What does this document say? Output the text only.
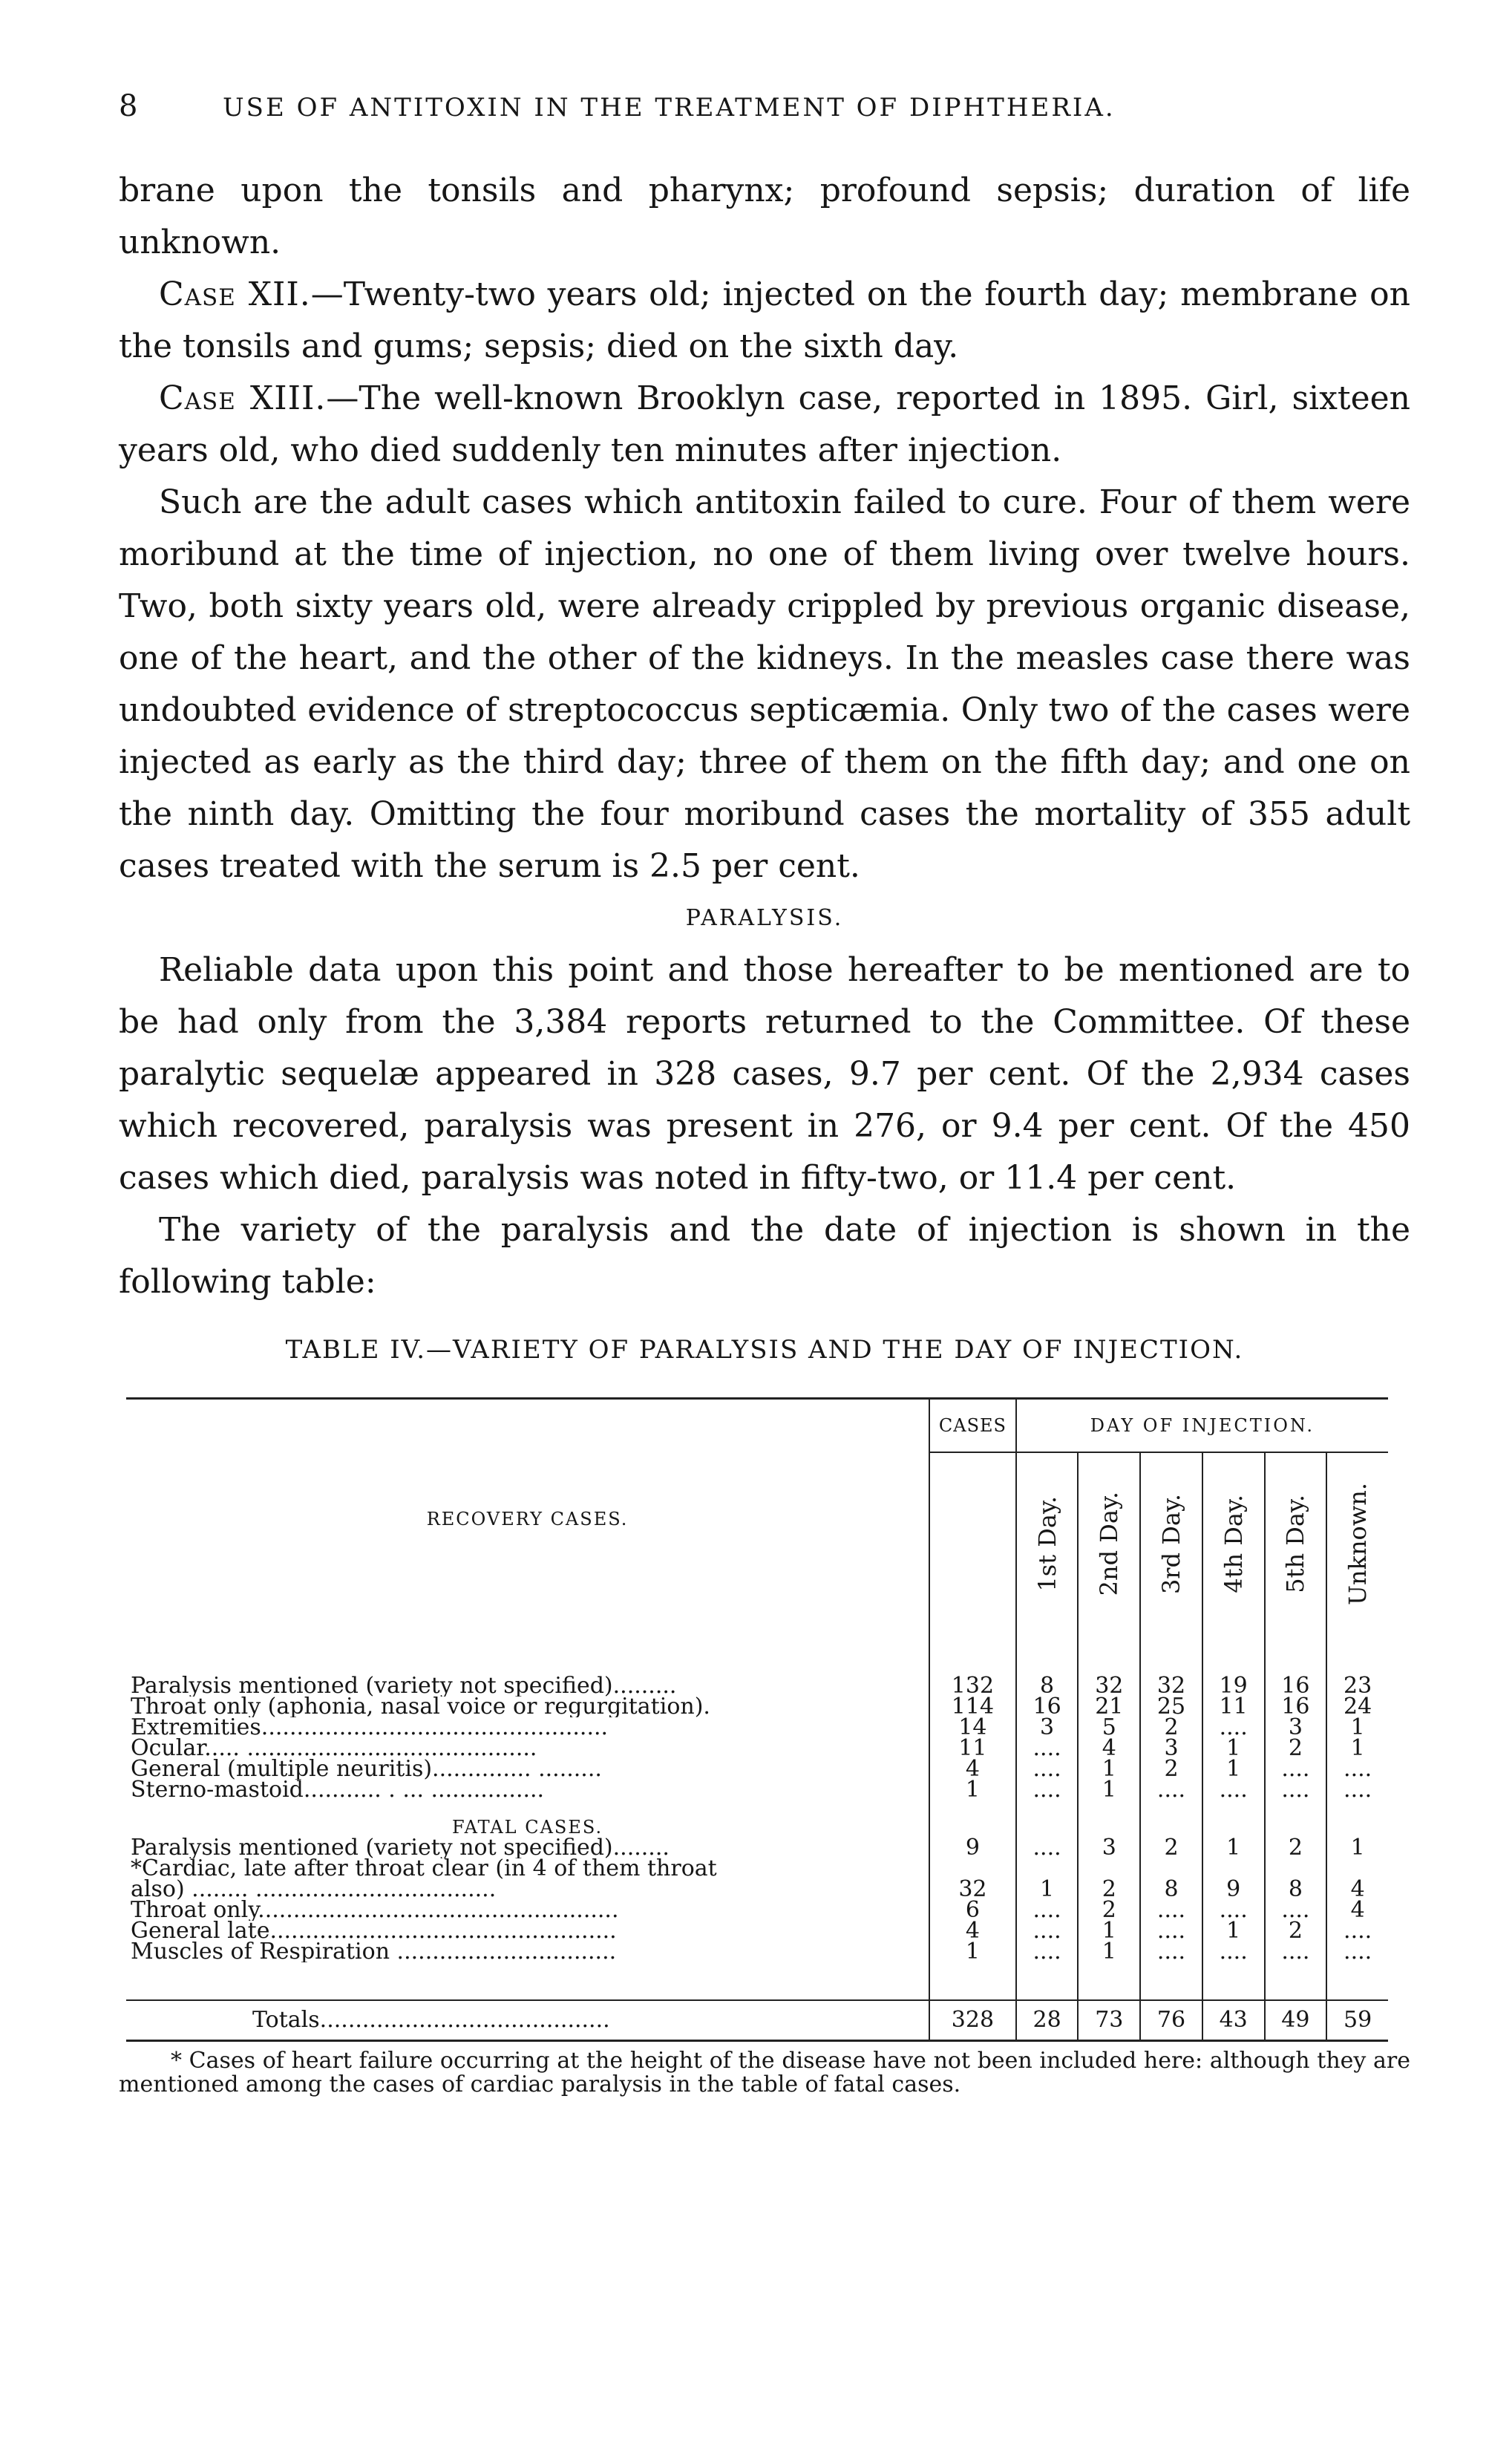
8	USE OF ANTITOXIN IN THE TREATMENT OF DIPHTHERIA.

brane upon the tonsils and pharynx; profound sepsis; duration of life unknown.

Case XII.—Twenty-two years old; injected on the fourth day; membrane on the tonsils and gums; sepsis; died on the sixth day.

Case XIII.—The well-known Brooklyn case, reported in 1895. Girl, sixteen years old, who died suddenly ten minutes after injection.

Such are the adult cases which antitoxin failed to cure. Four of them were moribund at the time of injection, no one of them living over twelve hours. Two, both sixty years old, were already crippled by previous organic disease, one of the heart, and the other of the kidneys. In the measles case there was undoubted evidence of streptococcus septicæmia. Only two of the cases were injected as early as the third day; three of them on the fifth day; and one on the ninth day. Omitting the four moribund cases the mortality of 355 adult cases treated with the serum is 2.5 per cent.

PARALYSIS.

Reliable data upon this point and those hereafter to be mentioned are to be had only from the 3,384 reports returned to the Committee. Of these paralytic sequelæ appeared in 328 cases, 9.7 per cent. Of the 2,934 cases which recovered, paralysis was present in 276, or 9.4 per cent. Of the 450 cases which died, paralysis was noted in fifty-two, or 11.4 per cent.

The variety of the paralysis and the date of injection is shown in the following table:

TABLE IV.—VARIETY OF PARALYSIS AND THE DAY OF INJECTION.
RECOVERY CASES.	CASES	DAY OF INJECTION.					
		1st Day.	2nd Day.	3rd Day.	4th Day.	5th Day.	Unknown.

Paralysis mentioned (variety not specified).........	132	8	32	32	19	16	23
Throat only (aphonia, nasal voice or regurgitation).	114	16	21	25	11	16	24
Extremities.................................................	14	3	5	2	....	3	1
Ocular..... .........................................	11	....	4	3	1	2	1
General (multiple neuritis).............. .........	4	....	1	2	1	....	....
Sterno-mastoid........... . ... ................	1	....	1	....	....	....	....
FATAL CASES.							
Paralysis mentioned (variety not specified)........	9	....	3	2	1	2	1
*Cardiac, late after throat clear (in 4 of them throat							
also) ........ ..................................	32	1	2	8	9	8	4
Throat only...................................................	6	....	2	....	....	....	4
General late.................................................	4	....	1	....	1	2	....
Muscles of Respiration ...............................	1	....	1	....	....	....	....

Totals.........................................	328	28	73	76	43	49	59

* Cases of heart failure occurring at the height of the disease have not been included here: although they are mentioned among the cases of cardiac paralysis in the table of fatal cases.
